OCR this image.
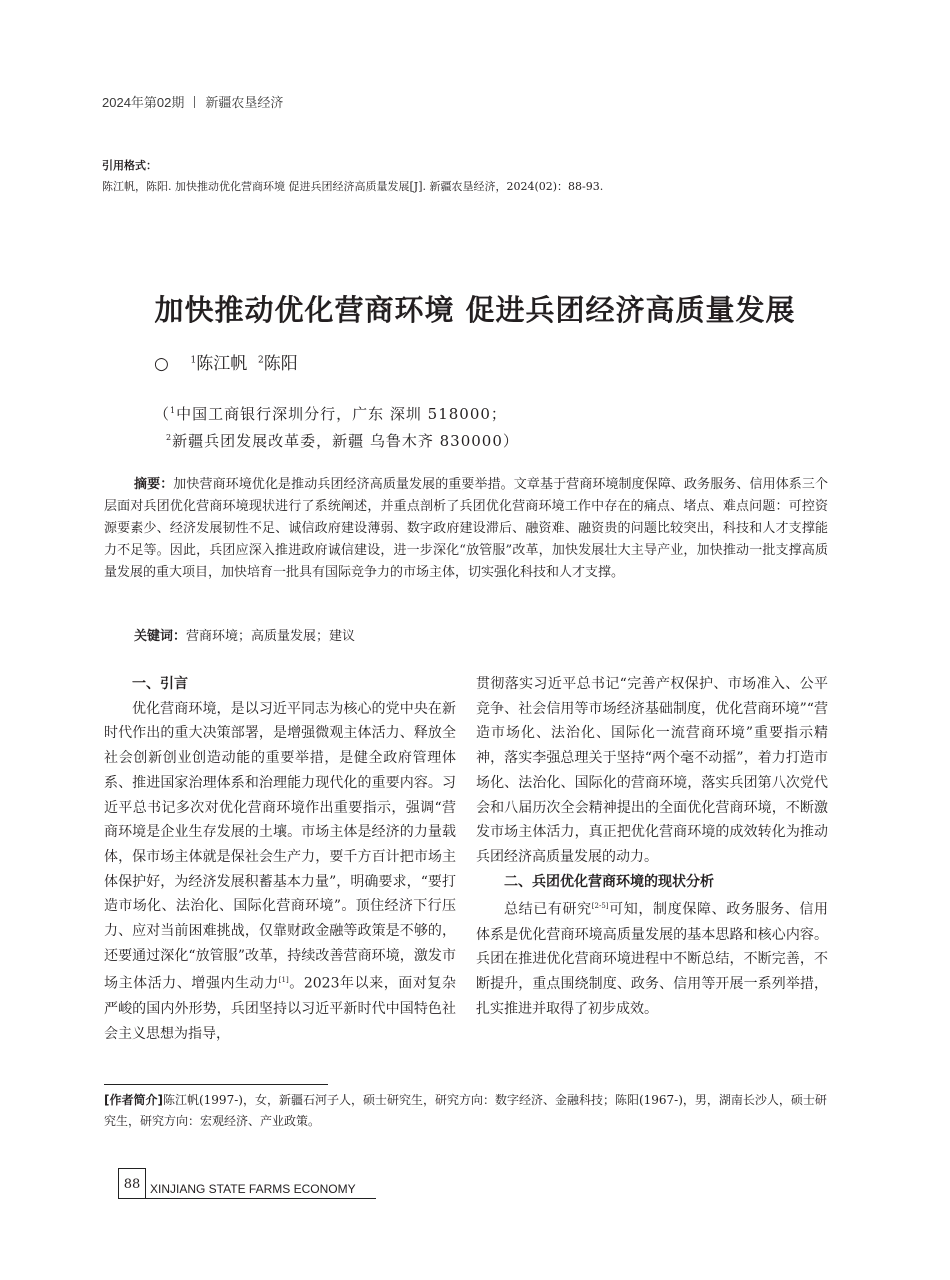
2024年第02期 新疆农垦经济
引用格式：
陈江帆，陈阳. 加快推动优化营商环境 促进兵团经济高质量发展[J]. 新疆农垦经济，2024(02)：88-93.
加快推动优化营商环境 促进兵团经济高质量发展
○ $^1$陈江帆 $^2$陈阳
（$^1$中国工商银行深圳分行，广东 深圳 518000；
$^2$新疆兵团发展改革委，新疆 乌鲁木齐 830000）
摘要：加快营商环境优化是推动兵团经济高质量发展的重要举措。文章基于营商环境制度保障、政务服务、信用体系三个层面对兵团优化营商环境现状进行了系统阐述，并重点剖析了兵团优化营商环境工作中存在的痛点、堵点、难点问题：可控资源要素少、经济发展韧性不足、诚信政府建设薄弱、数字政府建设滞后、融资难、融资贵的问题比较突出，科技和人才支撑能力不足等。因此，兵团应深入推进政府诚信建设，进一步深化“放管服”改革，加快发展壮大主导产业，加快推动一批支撑高质量发展的重大项目，加快培育一批具有国际竞争力的市场主体，切实强化科技和人才支撑。
关键词：营商环境；高质量发展；建议

一、引言

优化营商环境，是以习近平同志为核心的党中央在新时代作出的重大决策部署，是增强微观主体活力、释放全社会创新创业创造动能的重要举措，是健全政府管理体系、推进国家治理体系和治理能力现代化的重要内容。习近平总书记多次对优化营商环境作出重要指示，强调“营商环境是企业生存发展的土壤。市场主体是经济的力量载体，保市场主体就是保社会生产力，要千方百计把市场主体保护好，为经济发展积蓄基本力量”，明确要求，“要打造市场化、法治化、国际化营商环境”。顶住经济下行压力、应对当前困难挑战，仅靠财政金融等政策是不够的，还要通过深化“放管服”改革，持续改善营商环境，激发市场主体活力、增强内生动力[1]。2023年以来，面对复杂严峻的国内外形势，兵团坚持以习近平新时代中国特色社会主义思想为指导，

贯彻落实习近平总书记“完善产权保护、市场准入、公平竞争、社会信用等市场经济基础制度，优化营商环境”“营造市场化、法治化、国际化一流营商环境”重要指示精神，落实李强总理关于坚持“两个毫不动摇”，着力打造市场化、法治化、国际化的营商环境，落实兵团第八次党代会和八届历次全会精神提出的全面优化营商环境，不断激发市场主体活力，真正把优化营商环境的成效转化为推动兵团经济高质量发展的动力。

二、兵团优化营商环境的现状分析

总结已有研究[2-5]可知，制度保障、政务服务、信用体系是优化营商环境高质量发展的基本思路和核心内容。兵团在推进优化营商环境进程中不断总结，不断完善，不断提升，重点围绕制度、政务、信用等开展一系列举措，扎实推进并取得了初步成效。

[作者简介]陈江帆(1997-)，女，新疆石河子人，硕士研究生，研究方向：数字经济、金融科技；陈阳(1967-)，男，湖南长沙人，硕士研究生，研究方向：宏观经济、产业政策。
88 XINJIANG STATE FARMS ECONOMY
